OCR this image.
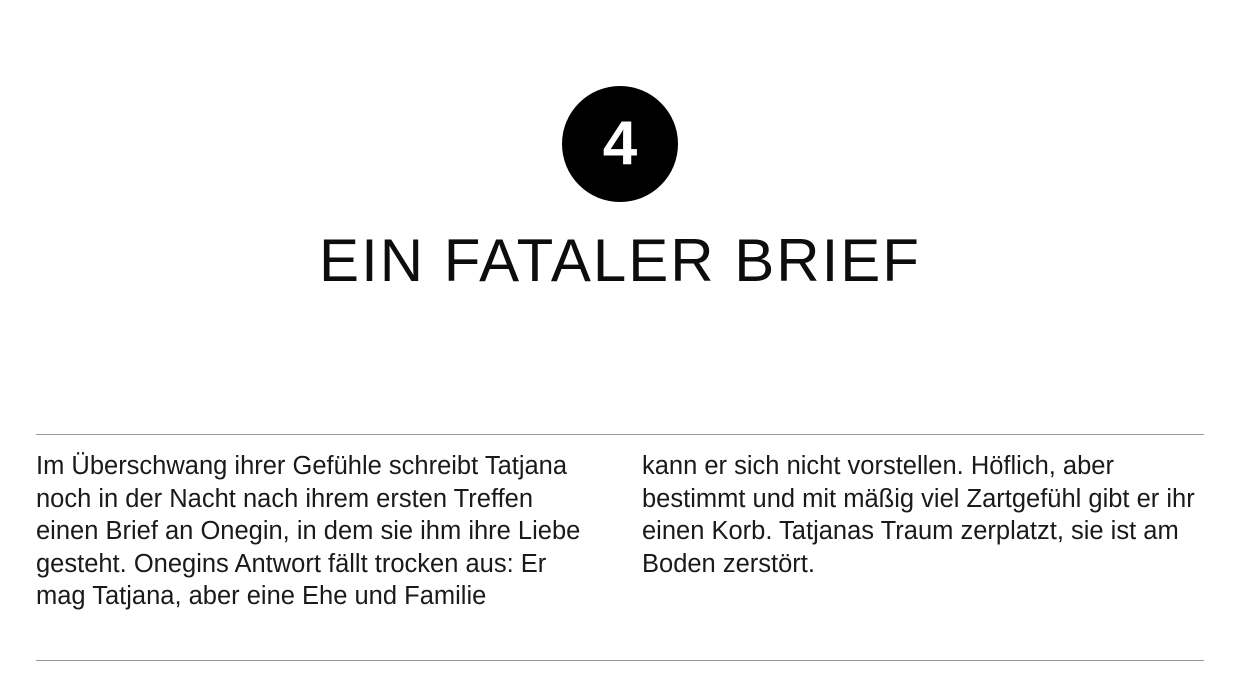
4
EIN FATALER BRIEF
Im Überschwang ihrer Gefühle schreibt Tatjana noch in der Nacht nach ihrem ersten Treffen einen Brief an Onegin, in dem sie ihm ihre Liebe gesteht. Onegins Antwort fällt trocken aus: Er mag Tatjana, aber eine Ehe und Familie
kann er sich nicht vorstellen. Höflich, aber bestimmt und mit mäßig viel Zartgefühl gibt er ihr einen Korb. Tatjanas Traum zerplatzt, sie ist am Boden zerstört.
